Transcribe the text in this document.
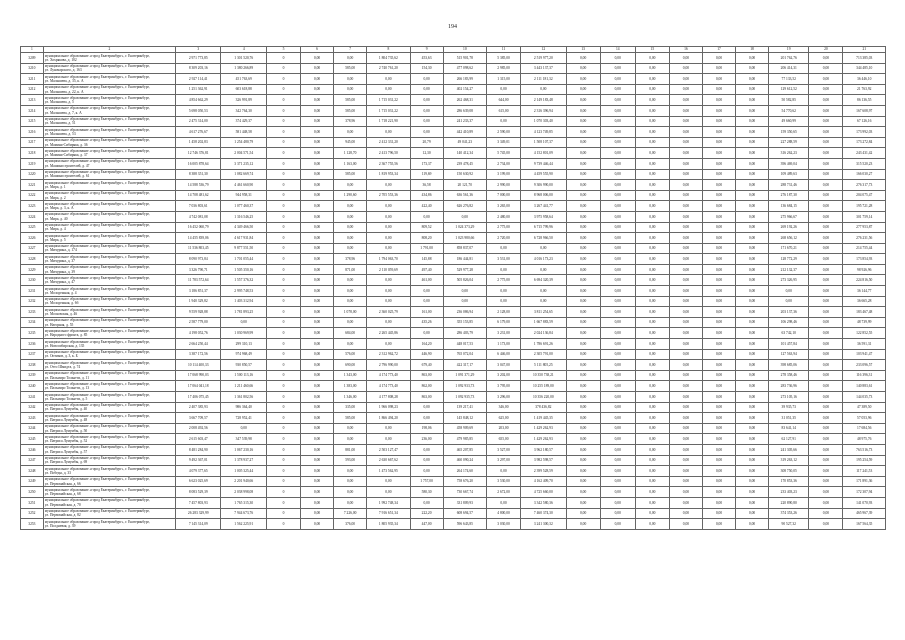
194
1	2	3	4	5	6	7	8	9	10	11	12	13	14	15	16	17	18	19	20	21
3209	муниципальное образование «город Екатеринбург», г. Екатеринбург,
ул. Хохрякова, д. 102	2 971 773,85	1 301 520,76	0	0,00	0,00	1 804 735,62	453,63	515 901,78	5 385,00	2 519 977,20	0,00	0,00	0,00	0,00	0,00	0,00	201 762,76	0,00	713 385,03
3210	муниципальное образование «город Екатеринбург», г. Екатеринбург,
ул. Луначарского, д. 163	8 309 203,16	1 380 266,89	0	0,00	585,00	2 740 761,20	154,30	477 098,62	2 985,00	3 443 137,37	0,00	0,00	0,00	0,00	0,00	0,00	206 414,31	0,00	344 485,10
3211	муниципальное образование «город Екатеринбург», г. Екатеринбург,
ул. Малышева, д. 35, к. А	2 927 114,41	451 763,69	0	0,00	0,00	0,00	0,00	266 183,99	1 315,00	2 111 181,32	0,00	0,00	0,00	0,00	0,00	0,00	77 133,52	0,00	36 446,10
3212	муниципальное образование «город Екатеринбург», г. Екатеринбург,
ул. Малышева, д. 22, к. А	1 251 362,91	603 618,88	0	0,00	0,00	0,00	0,00	402 154,27	0,00	0,00	0,00	0,00	0,00	0,00	0,00	0,00	129 612,52	0,00	21 763,92
3213	муниципальное образование «город Екатеринбург», г. Екатеринбург,
ул. Малышева, д. 5	4 854 662,29	326 991,89	0	0,00	585,00	1 715 031,22	0,00	262 468,31	644,00	2 149 183,48	0,00	0,00	0,00	0,00	0,00	0,00	50 582,85	0,00	86 136,55
3214	муниципальное образование «город Екатеринбург», г. Екатеринбург,
ул. Малышева, д. 7, к. А	5 698 050,53	342 764,30	0	0,00	585,00	1 715 031,22	0,00	286 639,08	615,00	2 316 396,94	0,00	0,00	0,00	0,00	0,00	0,00	54 770,62	0,00	167 608,97
3215	муниципальное образование «город Екатеринбург», г. Екатеринбург,
ул. Малышева, д. 51	2 475 314,00	374 429,37	0	0,00	378,96	1 718 221,90	0,00	241 233,37	0,00	1 070 303,40	0,00	0,00	0,00	0,00	0,00	0,00	49 660,99	0,00	67 126,16
3216	муниципальное образование «город Екатеринбург», г. Екатеринбург,
ул. Малышева, д. 53	4 617 276,67	581 448,58	0	0,00	0,00	0,00	0,00	442 410,89	2 590,00	4 123 749,85	0,00	0,00	0,00	0,00	0,00	0,00	159 350,65	0,00	173 992,03
3217	муниципальное образование «город Екатеринбург», г. Екатеринбург,
ул. Мамина-Сибиряка, д. 36	1 458 202,83	1 254 480,79	0	0,00	945,00	2 412 331,20	20,79	49 041,23	3 349,01	1 508 107,37	0,00	0,00	0,00	0,00	0,00	0,00	227 288,59	0,00	173 272,84
3218	муниципальное образование «город Екатеринбург», г. Екатеринбург,
ул. Мамина-Сибиряка, д. 37	12 746 376,81	2 004 571,54	0	0,00	1 128,70	2 413 796,50	12,30	140 412,34	5 745,00	4 152 801,09	0,00	0,00	0,00	0,00	0,00	0,00	316 262,23	0,00	243 431,42
3219	муниципальное образование «город Екатеринбург», г. Екатеринбург,
ул. Машиностроителей, д. 47	16 005 878,64	3 371 235,12	0	0,00	1 163,00	2 367 755,56	173,37	239 478,45	2 734,00	9 739 446,44	0,00	0,00	0,00	0,00	0,00	0,00	396 469,04	0,00	315 520,23
3220	муниципальное образование «город Екатеринбург», г. Екатеринбург,
ул. Машиностроителей, д. 61	8 388 351,30	1 082 669,74	0	0,00	585,00	1 819 953,34	119,69	150 630,92	3 199,00	4 459 555,90	0,00	0,00	0,00	0,00	0,00	0,00	109 489,63	0,00	166 030,27
3221	муниципальное образование «город Екатеринбург», г. Екатеринбург,
ул. Мира, д. 1	14 588 536,79	4 461 660,90	0	0,00	0,00	0,00	36,58	20 121,70	2 990,00	9 306 990,00	0,00	0,00	0,00	0,00	0,00	0,00	288 731,46	0,00	276 317,73
3222	муниципальное образование «город Екатеринбург», г. Екатеринбург,
ул. Мира, д. 2	14 708 481,62	944 958,31	0	0,00	1 290,60	2 705 553,36	434,86	636 561,36	7 000,00	8 968 006,00	0,00	0,00	0,00	0,00	0,00	0,00	276 187,30	0,00	204 075,47
3223	муниципальное образование «город Екатеринбург», г. Екатеринбург,
ул. Мира, д. 3, к. А	7 036 803,61	1 077 460,37	0	0,00	0,00	0,00	422,40	626 276,82	3 265,00	3 267 441,77	0,00	0,00	0,00	0,00	0,00	0,00	136 684,15	0,00	195 721,28
3224	муниципальное образование «город Екатеринбург», г. Екатеринбург,
ул. Мира, д. 40	4 742 081,08	1 316 546,25	0	0,00	0,00	0,00	0,00	0,00	2 480,00	3 975 958,64	0,00	0,00	0,00	0,00	0,00	0,00	275 966,67	0,00	301 759,14
3225	муниципальное образование «город Екатеринбург», г. Екатеринбург,
ул. Мира, д. 4	16 452 060,79	4 349 466,50	0	0,00	0,00	0,00	809,52	1 024 373,29	2 775,00	6 715 799,96	0,00	0,00	0,00	0,00	0,00	0,00	269 192,26	0,00	277 953,87
3226	муниципальное образование «город Екатеринбург», г. Екатеринбург,
ул. Мира, д. 5	14 455 839,06	4 617 931,84	0	0,00	0,00	0,00	808,20	1 023 980,66	2 720,00	6 728 966,50	0,00	0,00	0,00	0,00	0,00	0,00	268 656,12	0,00	276 231,56
3227	муниципальное образование «город Екатеринбург», г. Екатеринбург,
ул. Мичурина, д. 174	11 536 803,45	9 877 551,50	0	0,00	0,00	0,00	1 791,00	858 837,07	0,00	0,00	0,00	0,00	0,00	0,00	0,00	0,00	171 670,21	0,00	214 755,44
3228	муниципальное образование «город Екатеринбург», г. Екатеринбург,
ул. Мичурина, д. 37	8 090 973,84	1 701 055,44	0	0,00	378,96	1 794 063,70	145,88	186 444,81	3 531,00	4 016 173,23	0,00	0,00	0,00	0,00	0,00	0,00	128 772,29	0,00	173 854,93
3229	муниципальное образование «город Екатеринбург», г. Екатеринбург,
ул. Мичурина, д. 39	3 326 790,71	1 505 350,16	0	0,00	871,00	2 110 059,69	497,40	529 977,28	0,00	0,00	0,00	0,00	0,00	0,00	0,00	0,00	212 132,37	0,00	98 926,96
3230	муниципальное образование «город Екатеринбург», г. Екатеринбург,
ул. Мичурина, д. 47	11 783 572,64	1 557 376,32	0	0,00	0,00	0,00	461,00	505 826,04	2 775,00	6 694 320,39	0,00	0,00	0,00	0,00	0,00	0,00	273 326,95	0,00	224 816,50
3231	муниципальное образование «город Екатеринбург», г. Екатеринбург,
ул. Молодежная, д. 4	3 186 851,37	2 995 748,53	0	0,00	0,00	0,00	0,00	0,00	0,00	0,00	0,00	0,00	0,00	0,00	0,00	0,00	0,00	0,00	36 144,77
3232	муниципальное образование «город Екатеринбург», г. Екатеринбург,
ул. Молодежная, д. 6б	1 940 329,82	1 403 312,94	0	0,00	0,00	0,00	0,00	0,00	0,00	0,00	0,00	0,00	0,00	0,00	0,00	0,00	0,00	0,00	36 665,28
3233	муниципальное образование «город Екатеринбург», г. Екатеринбург,
ул. Московская, д. 46	9 559 928,88	1 781 893,25	0	0,00	1 078,00	2 360 025,79	161,00	236 086,94	2 128,00	3 811 254,65	0,00	0,00	0,00	0,00	0,00	0,00	203 137,36	0,00	183 467,48
3234	муниципальное образование «город Екатеринбург», г. Екатеринбург,
ул. Нагорная, д. 55	2 587 779,00	0,00	0	0,00	0,00	0,00	435,26	355 153,85	6 179,00	1 667 883,59	0,00	0,00	0,00	0,00	0,00	0,00	106 298,46	0,00	48 739,99
3235	муниципальное образование «город Екатеринбург», г. Екатеринбург,
ул. Народного фронта, д. 85	4 198 052,76	1 030 969,99	0	0,00	684,00	2 265 445,86	0,00	286 403,79	3 231,00	2 024 136,84	0,00	0,00	0,00	0,00	0,00	0,00	63 742,10	0,00	122 852,55
3236	муниципальное образование «город Екатеринбург», г. Екатеринбург,
ул. Новосибирская, д. 135	2 664 250,44	299 310,13	0	0,00	0,00	0,00	164,20	448 017,53	1 173,00	1 786 691,26	0,00	0,00	0,00	0,00	0,00	0,00	101 457,84	0,00	36 591,31
3237	муниципальное образование «город Екатеринбург», г. Екатеринбург,
ул. Оптиков, д. 3, к. Б	3 387 172,56	974 968,49	0	0,00	576,00	2 312 962,72	446,90	765 072,04	6 446,00	2 305 791,00	0,00	0,00	0,00	0,00	0,00	0,00	127 563,94	0,00	103 941,47
3238	муниципальное образование «город Екатеринбург», г. Екатеринбург,
ул. Отто Шмидта, д. 74	10 114 400,33	930 850,57	0	0,00	690,00	2 796 990,00	679,40	422 317,17	3 047,00	5 111 805,25	0,00	0,00	0,00	0,00	0,00	0,00	398 685,06	0,00	233 096,57
3239	муниципальное образование «город Екатеринбург», г. Екатеринбург,
ул. Пальмиро Тольятти, д. 11	17 068 990,03	1 500 113,16	0	0,00	1 343,00	4 174 773,40	863,00	1 091 371,29	3 202,00	10 350 738,21	0,00	0,00	0,00	0,00	0,00	0,00	278 358,46	0,00	116 396,31
3240	муниципальное образование «город Екатеринбург», г. Екатеринбург,
ул. Пальмиро Тольятти, д. 13	17 064 041,18	1 211 460,66	0	0,00	1 383,00	4 174 773,40	862,00	1 092 933,73	3 795,00	10 255 189,00	0,00	0,00	0,00	0,00	0,00	0,00	283 736,96	0,00	140 883,61
3241	муниципальное образование «город Екатеринбург», г. Екатеринбург,
ул. Пальмиро Тольятти, д. 5	17 406 075,45	1 361 802,56	0	0,00	1 346,00	4 177 808,28	863,00	1 092 935,73	3 296,00	10 356 220,00	0,00	0,00	0,00	0,00	0,00	0,00	273 105,16	0,00	144 035,73
3242	муниципальное образование «город Екатеринбург», г. Екатеринбург,
ул. Патриса Лумумбы, д. 40	2 407 385,93	986 364,40	0	0,00	335,00	1 966 098,23	0,00	139 217,41	346,00	378 436,82	0,00	0,00	0,00	0,00	0,00	0,00	39 935,73	0,00	47 389,50
3243	муниципальное образование «город Екатеринбург», г. Екатеринбург,
ул. Патриса Лумумбы, д. 48	3 667 709,57	728 952,41	0	0,00	585,00	1 866 494,20	0,00	145 848,12	625,00	1 419 445,35	0,00	0,00	0,00	0,00	0,00	0,00	31 051,35	0,00	57 053,96
3244	муниципальное образование «город Екатеринбург», г. Екатеринбург,
ул. Патриса Лумумбы, д. 50	2 008 492,56	0,00	0	0,00	0,00	0,00	198,06	458 909,69	203,00	1 429 262,93	0,00	0,00	0,00	0,00	0,00	0,00	83 641,14	0,00	17 684,56
3245	муниципальное образование «город Екатеринбург», г. Екатеринбург,
ул. Патриса Лумумбы, д. 52	2 615 603,47	347 539,98	0	0,00	0,00	0,00	236,00	479 985,85	655,00	1 429 262,93	0,00	0,00	0,00	0,00	0,00	0,00	62 127,91	0,00	48 975,76
3246	муниципальное образование «город Екатеринбург», г. Екатеринбург,
ул. Патриса Лумумбы, д. 57	8 481 284,90	1 067 230,16	0	0,00	881,00	2 503 127,47	0,00	465 207,85	3 527,00	3 962 180,57	0,00	0,00	0,00	0,00	0,00	0,00	241 305,66	0,00	763 516,73
3247	муниципальное образование «город Екатеринбург», г. Екатеринбург,
ул. Патриса Лумумбы, д. 69	9 492 367,01	1 378 937,27	0	0,00	593,00	2 630 667,62	0,00	460 090,24	3 297,00	3 982 598,57	0,00	0,00	0,00	0,00	0,00	0,00	319 263,12	0,00	195 254,59
3248	муниципальное образование «город Екатеринбург», г. Екатеринбург,
ул. Победы, д. 33	4 079 377,65	1 005 325,44	0	0,00	0,00	1 473 562,95	0,00	264 174,60	0,00	2 399 528,59	0,00	0,00	0,00	0,00	0,00	0,00	308 750,05	0,00	117 241,53
3249	муниципальное образование «город Екатеринбург», г. Екатеринбург,
ул. Первомайская, д. 66	6 623 025,69	2 201 940,66	0	0,00	0,00	0,00	1 757,00	758 676,20	3 530,00	4 162 409,70	0,00	0,00	0,00	0,00	0,00	0,00	170 853,36	0,00	171 891,36
3250	муниципальное образование «город Екатеринбург», г. Екатеринбург,
ул. Первомайская, д. 68	8 083 529,39	2 038 998,08	0	0,00	0,00	0,00	580,30	730 667,74	2 672,00	4 725 660,00	0,00	0,00	0,00	0,00	0,00	0,00	233 403,23	0,00	172 307,94
3251	муниципальное образование «город Екатеринбург», г. Екатеринбург,
ул. Первомайская, д. 70	7 457 803,93	1 765 315,30	0	0,00	0,00	1 992 748,34	0,00	331 809,93	0,00	3 342 580,36	0,00	0,00	0,00	0,00	0,00	0,00	220 890,80	0,00	141 070,93
3252	муниципальное образование «город Екатеринбург», г. Екатеринбург,
ул. Первомайская, д. 82	26 283 329,99	7 944 673,76	0	0,00	7 226,00	7 916 651,34	222,20	608 694,57	4 800,00	7 460 374,30	0,00	0,00	0,00	0,00	0,00	0,00	374 353,26	0,00	465 967,39
3253	муниципальное образование «город Екатеринбург», г. Екатеринбург,
ул. Полдневая, д. 39	7 145 314,09	1 562 225,91	0	0,00	376,00	1 805 935,34	447,00	596 643,85	3 030,00	3 241 300,32	0,00	0,00	0,00	0,00	0,00	0,00	90 527,32	0,00	167 564,35
